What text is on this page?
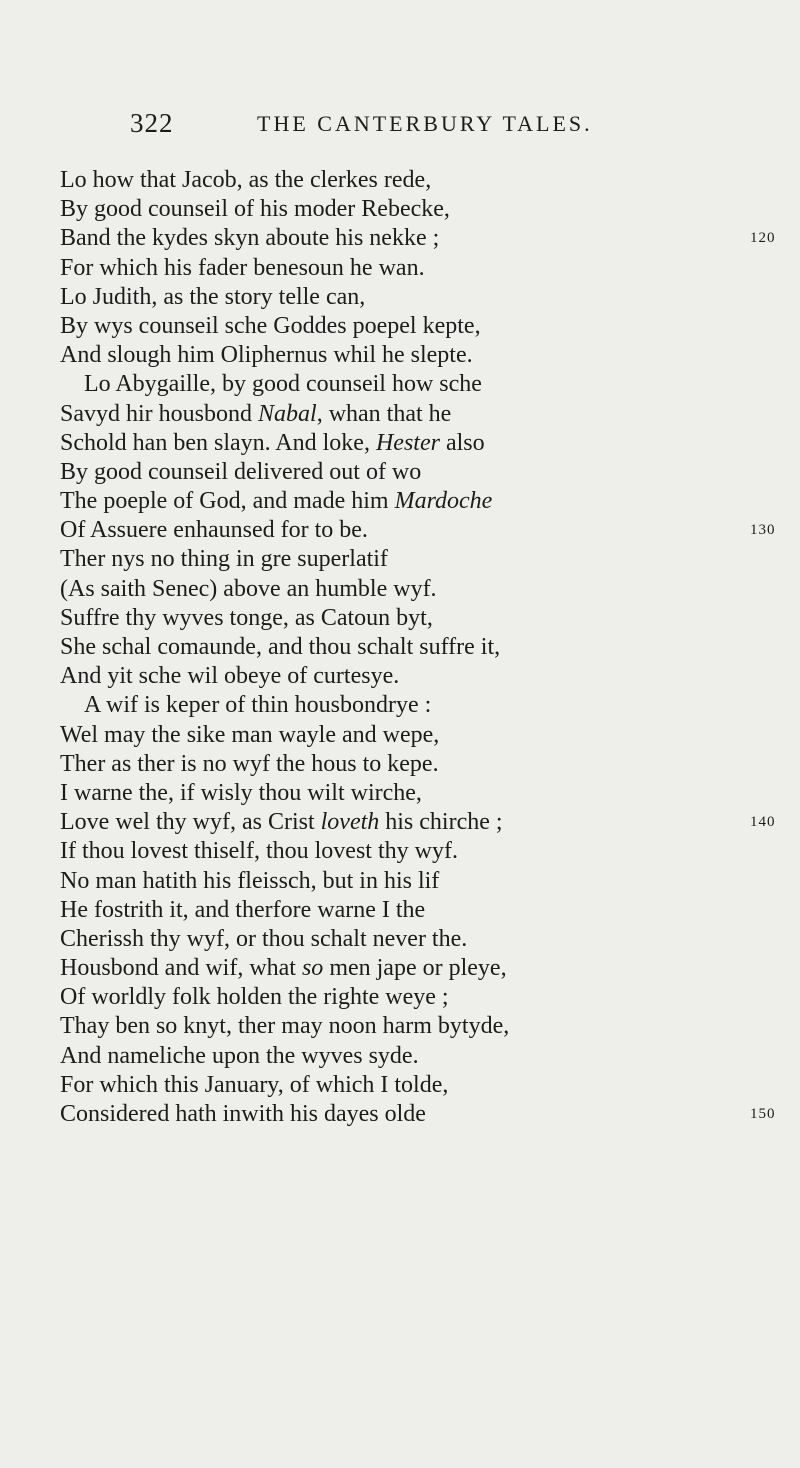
322	THE CANTERBURY TALES.
Lo how that Jacob, as the clerkes rede,
By good counseil of his moder Rebecke,
Band the kydes skyn aboute his nekke ;	120
For which his fader benesoun he wan.
Lo Judith, as the story telle can,
By wys counseil sche Goddes poepel kepte,
And slough him Oliphernus whil he slepte.
Lo Abygaille, by good counseil how sche
Savyd hir housbond Nabal, whan that he
Schold han ben slayn. And loke, Hester also
By good counseil delivered out of wo
The poeple of God, and made him Mardoche
Of Assuere enhaunsed for to be.	130
Ther nys no thing in gre superlatif
(As saith Senec) above an humble wyf.
Suffre thy wyves tonge, as Catoun byt,
She schal comaunde, and thou schalt suffre it,
And yit sche wil obeye of curtesye.
A wif is keper of thin housbondrye :
Wel may the sike man wayle and wepe,
Ther as ther is no wyf the hous to kepe.
I warne the, if wisly thou wilt wirche,
Love wel thy wyf, as Crist loveth his chirche ;	140
If thou lovest thiself, thou lovest thy wyf.
No man hatith his fleissch, but in his lif
He fostrith it, and therfore warne I the
Cherissh thy wyf, or thou schalt never the.
Housbond and wif, what so men jape or pleye,
Of worldly folk holden the righte weye ;
Thay ben so knyt, ther may noon harm bytyde,
And nameliche upon the wyves syde.
For which this January, of which I tolde,
Considered hath inwith his dayes olde	150
